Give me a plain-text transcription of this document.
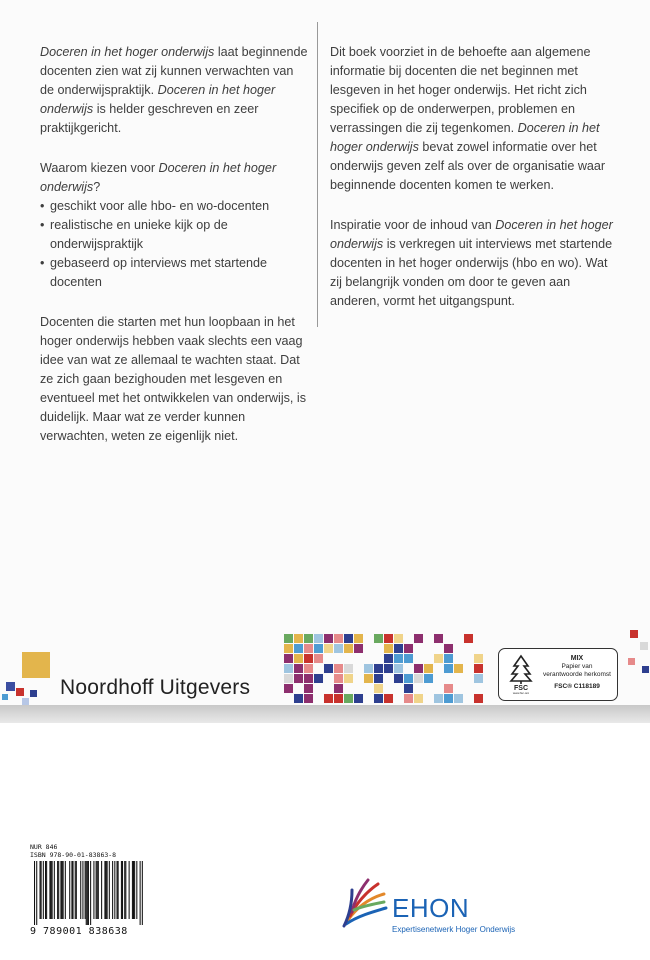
Doceren in het hoger onderwijs laat beginnende docenten zien wat zij kunnen verwachten van de onderwijspraktijk. Doceren in het hoger onderwijs is helder geschreven en zeer praktijkgericht.

Waarom kiezen voor Doceren in het hoger onderwijs?
• geschikt voor alle hbo- en wo-docenten
• realistische en unieke kijk op de onderwijspraktijk
• gebaseerd op interviews met startende docenten

Docenten die starten met hun loopbaan in het hoger onderwijs hebben vaak slechts een vaag idee van wat ze allemaal te wachten staat. Dat ze zich gaan bezighouden met lesgeven en eventueel met het ontwikkelen van onderwijs, is duidelijk. Maar wat ze verder kunnen verwachten, weten ze eigenlijk niet.

Dit boek voorziet in de behoefte aan algemene informatie bij docenten die net beginnen met lesgeven in het hoger onderwijs. Het richt zich specifiek op de onderwerpen, problemen en verrassingen die zij tegenkomen. Doceren in het hoger onderwijs bevat zowel informatie over het onderwijs geven zelf als over de organisatie waar beginnende docenten komen te werken.

Inspiratie voor de inhoud van Doceren in het hoger onderwijs is verkregen uit interviews met startende docenten in het hoger onderwijs (hbo en wo). Wat zij belangrijk vonden om door te geven aan anderen, vormt het uitgangspunt.

Noordhoff Uitgevers	FSC
www.fsc.org
MIX
Papier van
verantwoorde herkomst
FSC® C118189
NUR 846
ISBN 978-90-01-83863-8
9 789001 838638
EHON
Expertisenetwerk Hoger Onderwijs
